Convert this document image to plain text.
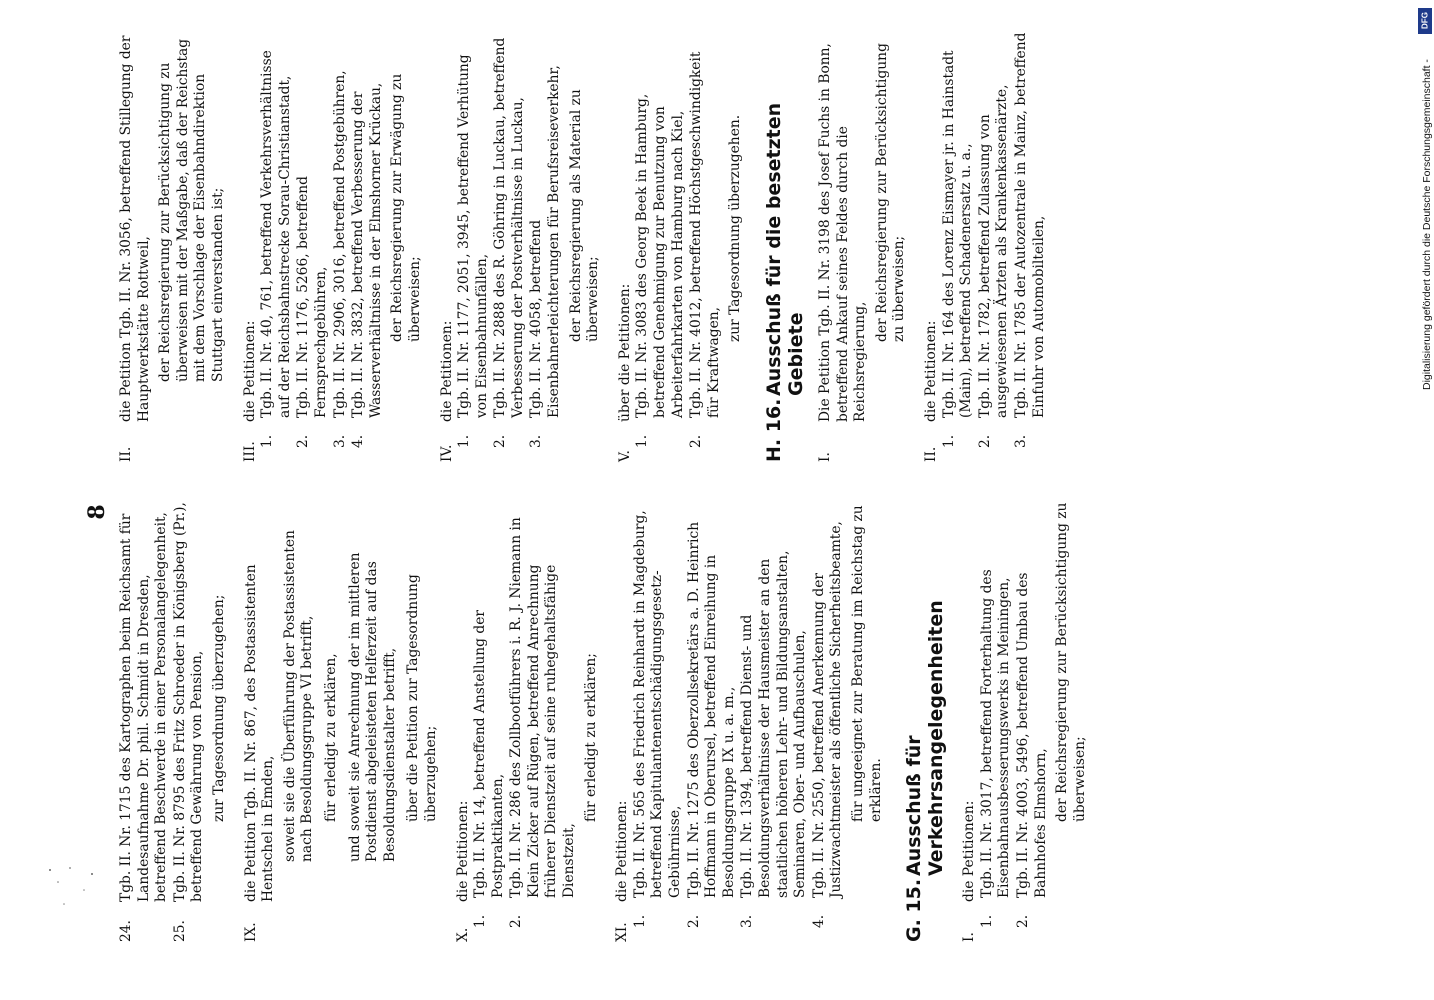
8
24.
Tgb. II. Nr. 1715 des Kartographen beim Reichsamt für Landesaufnahme Dr. phil. Schmidt in Dresden, betreffend Beschwerde in einer Personalangelegenheit,
25.
Tgb. II. Nr. 8795 des Fritz Schroeder in Königsberg (Pr.), betreffend Gewährung von Pension, zur Tagesordnung überzugehen;
IX.
die Petition Tgb. II. Nr. 867, des Postassistenten Hentschel in Emden, soweit sie die Überführung der Postassistenten nach Besoldungsgruppe VI betrifft, für erledigt zu erklären, und soweit sie Anrechnung der im mittleren Postdienst abgeleisteten Helferzeit auf das Besoldungsdienstalter betrifft, über die Petition zur Tagesordnung überzugehen;
X.
die Petitionen:
1.
Tgb. II. Nr. 14, betreffend Anstellung der Postpraktikanten,
2.
Tgb. II. Nr. 286 des Zollbootführers i. R. J. Niemann in Klein Zicker auf Rügen, betreffend Anrechnung früherer Dienstzeit auf seine ruhegehaltsfähige Dienstzeit,
für erledigt zu erklären;
XI.
die Petitionen:
1.
Tgb. II. Nr. 565 des Friedrich Reinhardt in Magdeburg, betreffend Kapitulantenentschädigungsgesetz-Gebührnisse,
2.
Tgb. II. Nr. 1275 des Oberzollsekretärs a. D. Heinrich Hoffmann in Oberursel, betreffend Einreihung in Besoldungsgruppe IX u. a. m.,
3.
Tgb. II. Nr. 1394, betreffend Dienst- und Besoldungsverhältnisse der Hausmeister an den staatlichen höheren Lehr- und Bildungsanstalten, Seminaren, Ober- und Aufbauschulen,
4.
Tgb. II. Nr. 2550, betreffend Anerkennung der Justizwachtmeister als öffentliche Sicherheitsbeamte, für ungeeignet zur Beratung im Reichstag zu erklären.
G. 15.
Ausschuß für Verkehrsangelegenheiten
I.
die Petitionen:
1.
Tgb. II. Nr. 3017, betreffend Forterhaltung des Eisenbahnausbesserungswerks in Meiningen,
2.
Tgb. II. Nr. 4003, 5496, betreffend Umbau des Bahnhofes Elmshorn,
der Reichsregierung zur Berücksichtigung zu überweisen;
II.
die Petition Tgb. II. Nr. 3056, betreffend Stillegung der Hauptwerkstätte Rottweil, der Reichsregierung zur Berücksichtigung zu überweisen mit der Maßgabe, daß der Reichstag mit dem Vorschlage der Eisenbahndirektion Stuttgart einverstanden ist;
III.
die Petitionen:
1.
Tgb. II. Nr. 40, 761, betreffend Verkehrsverhältnisse auf der Reichsbahnstrecke Sorau-Christianstadt,
2.
Tgb. II. Nr. 1176, 5266, betreffend Fernsprechgebühren,
3.
Tgb. II. Nr. 2906, 3016, betreffend Postgebühren,
4.
Tgb. II. Nr. 3832, betreffend Verbesserung der Wasserverhältnisse in der Elmshorner Krückau, der Reichsregierung zur Erwägung zu überweisen;
IV.
die Petitionen:
1.
Tgb. II. Nr. 1177, 2051, 3945, betreffend Verhütung von Eisenbahnunfällen,
2.
Tgb. II. Nr. 2888 des R. Göhring in Luckau, betreffend Verbesserung der Postverhältnisse in Luckau,
3.
Tgb. II. Nr. 4058, betreffend Eisenbahnerleichterungen für Berufsreiseverkehr, der Reichsregierung als Material zu überweisen;
V.
über die Petitionen:
1.
Tgb. II. Nr. 3083 des Georg Beek in Hamburg, betreffend Genehmigung zur Benutzung von Arbeiterfahrkarten von Hamburg nach Kiel,
2.
Tgb. II. Nr. 4012, betreffend Höchstgeschwindigkeit für Kraftwagen,
zur Tagesordnung überzugehen.
H. 16.
Ausschuß für die besetzten Gebiete
I.
Die Petition Tgb. II. Nr. 3198 des Josef Fuchs in Bonn, betreffend Ankauf seines Feldes durch die Reichsregierung,
der Reichsregierung zur Berücksichtigung zu überweisen;
II.
die Petitionen:
1.
Tgb. II. Nr. 164 des Lorenz Eismayer jr. in Hainstadt (Main), betreffend Schadenersatz u. a.,
2.
Tgb. II. Nr. 1782, betreffend Zulassung von ausgewiesenen Ärzten als Krankenkassenärzte,
3.
Tgb. II. Nr. 1785 der Autozentrale in Mainz, betreffend Einfuhr von Automobilteilen,
DFG
Digitalisierung gefördert durch die Deutsche Forschungsgemeinschaft -
